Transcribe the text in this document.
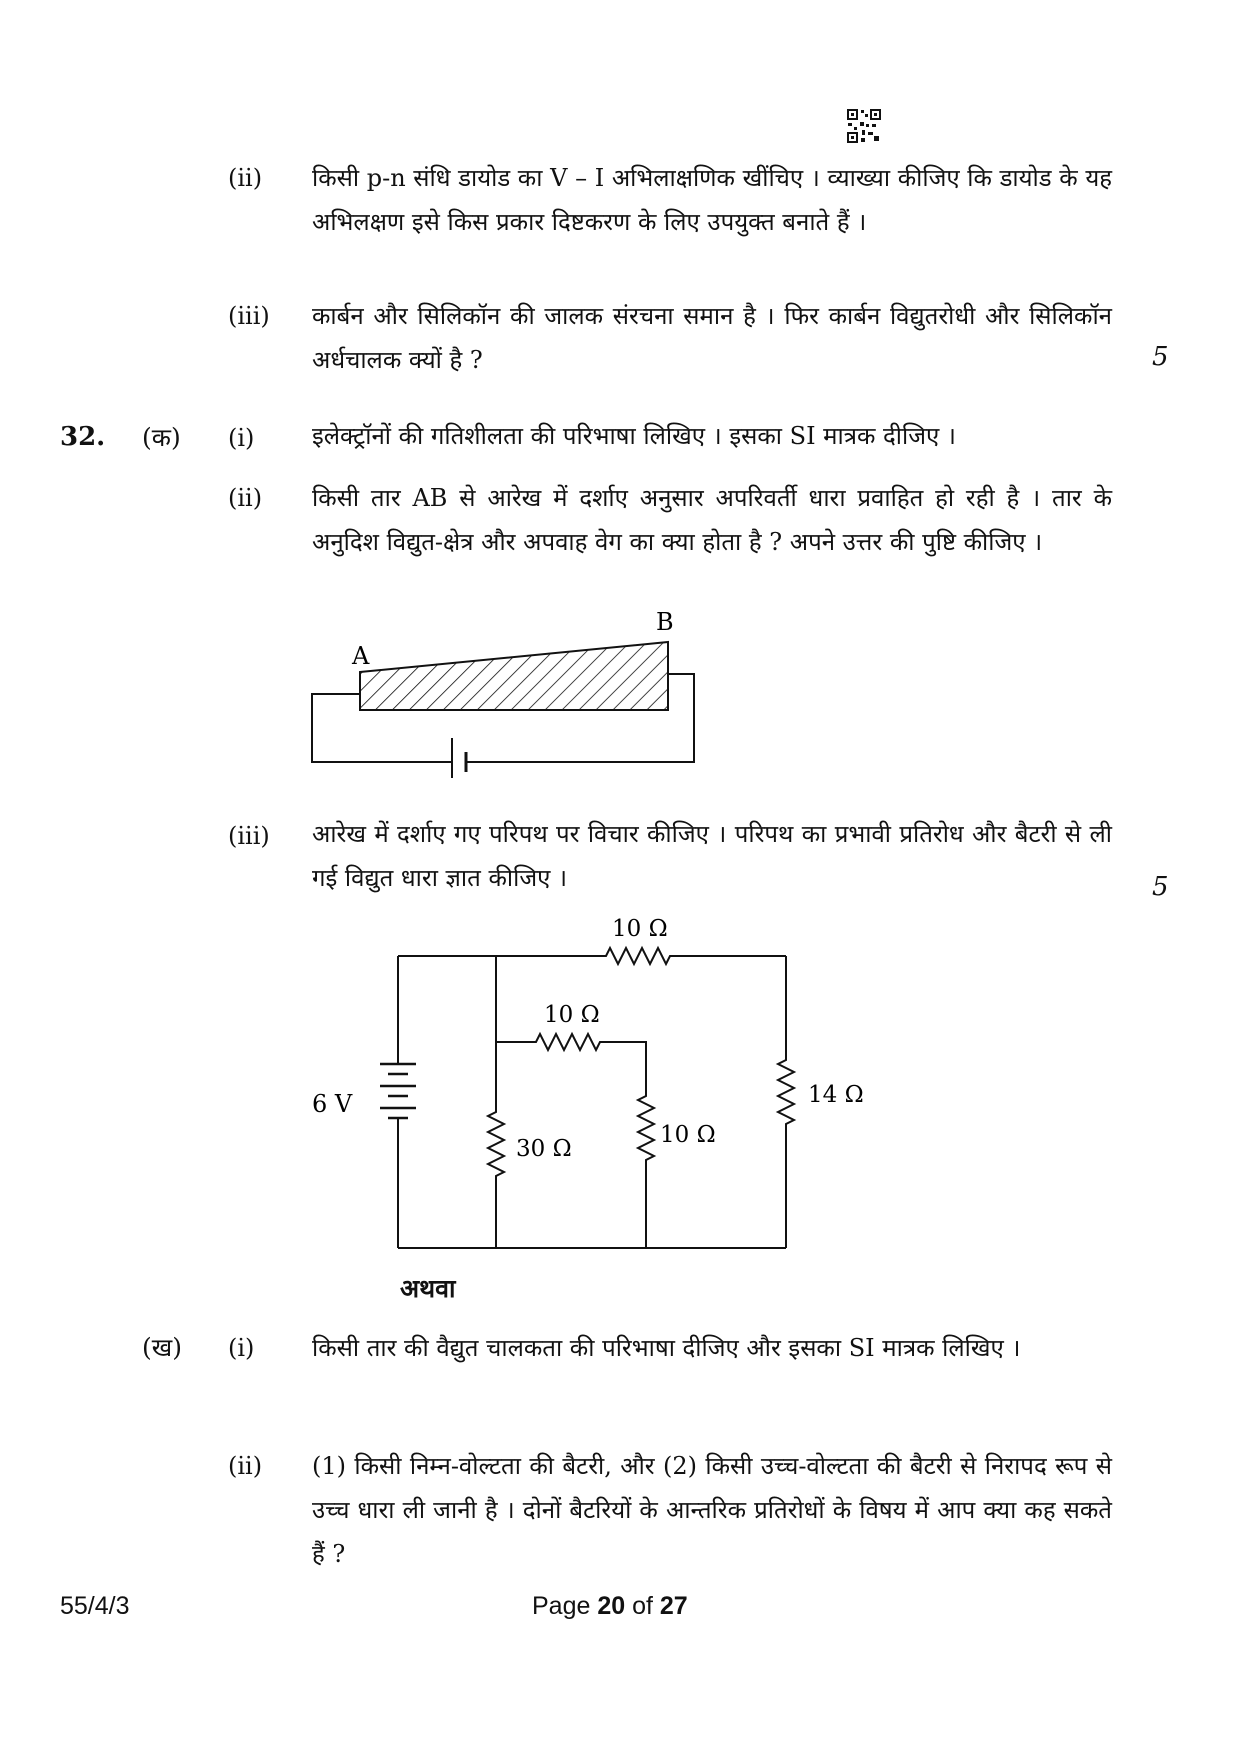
(ii) किसी p-n संधि डायोड का V – I अभिलाक्षणिक खींचिए । व्याख्या कीजिए कि डायोड के यह अभिलक्षण इसे किस प्रकार दिष्टकरण के लिए उपयुक्त बनाते हैं ।
(iii) कार्बन और सिलिकॉन की जालक संरचना समान है । फिर कार्बन विद्युतरोधी और सिलिकॉन अर्धचालक क्यों है ?	5
32. (क) (i) इलेक्ट्रॉनों की गतिशीलता की परिभाषा लिखिए । इसका SI मात्रक दीजिए ।
(ii) किसी तार AB से आरेख में दर्शाए अनुसार अपरिवर्ती धारा प्रवाहित हो रही है । तार के अनुदिश विद्युत-क्षेत्र और अपवाह वेग का क्या होता है ? अपने उत्तर की पुष्टि कीजिए ।
A
B
(iii) आरेख में दर्शाए गए परिपथ पर विचार कीजिए । परिपथ का प्रभावी प्रतिरोध और बैटरी से ली गई विद्युत धारा ज्ञात कीजिए ।	5
6 V
10 Ω
10 Ω
30 Ω
10 Ω
14 Ω
अथवा
(ख) (i) किसी तार की वैद्युत चालकता की परिभाषा दीजिए और इसका SI मात्रक लिखिए ।
(ii) (1) किसी निम्न-वोल्टता की बैटरी, और (2) किसी उच्च-वोल्टता की बैटरी से निरापद रूप से उच्च धारा ली जानी है । दोनों बैटरियों के आन्तरिक प्रतिरोधों के विषय में आप क्या कह सकते हैं ?
55/4/3	Page 20 of 27
